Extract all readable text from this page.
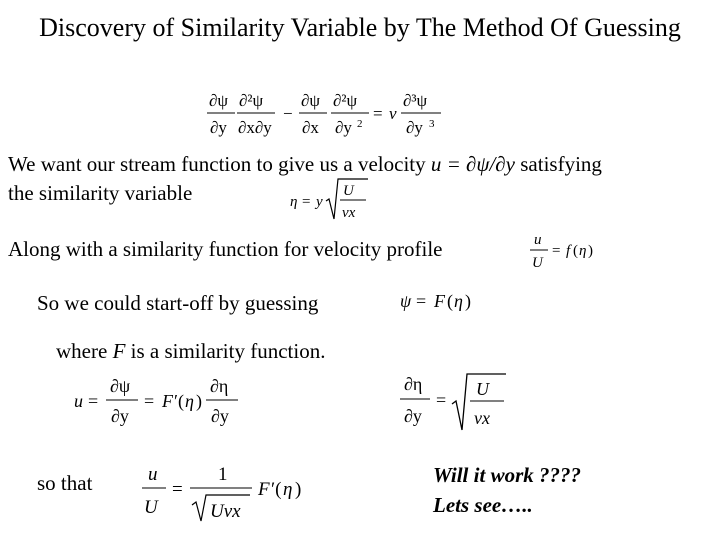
Discovery of Similarity Variable by The Method Of Guessing
∂ψ
∂y
∂²ψ
∂x∂y
−
∂ψ
∂x
∂²ψ
∂y 2
= ν
∂³ψ
∂y 3
We want our stream function to give us a velocity u = ∂ψ/∂y satisfying
the similarity variable	η = y
U
νx
Along with a similarity function for velocity profile	u
U
= f ( η )
So we could start-off by guessing	ψ = F ( η )
where F is a similarity function.
u =
∂ψ
∂y
= F ′( η )
∂η
∂y
∂η
∂y
=
U
νx
so that	u
U
=
1
Uνx
F ′( η )
Will it work ????
Lets see…..
